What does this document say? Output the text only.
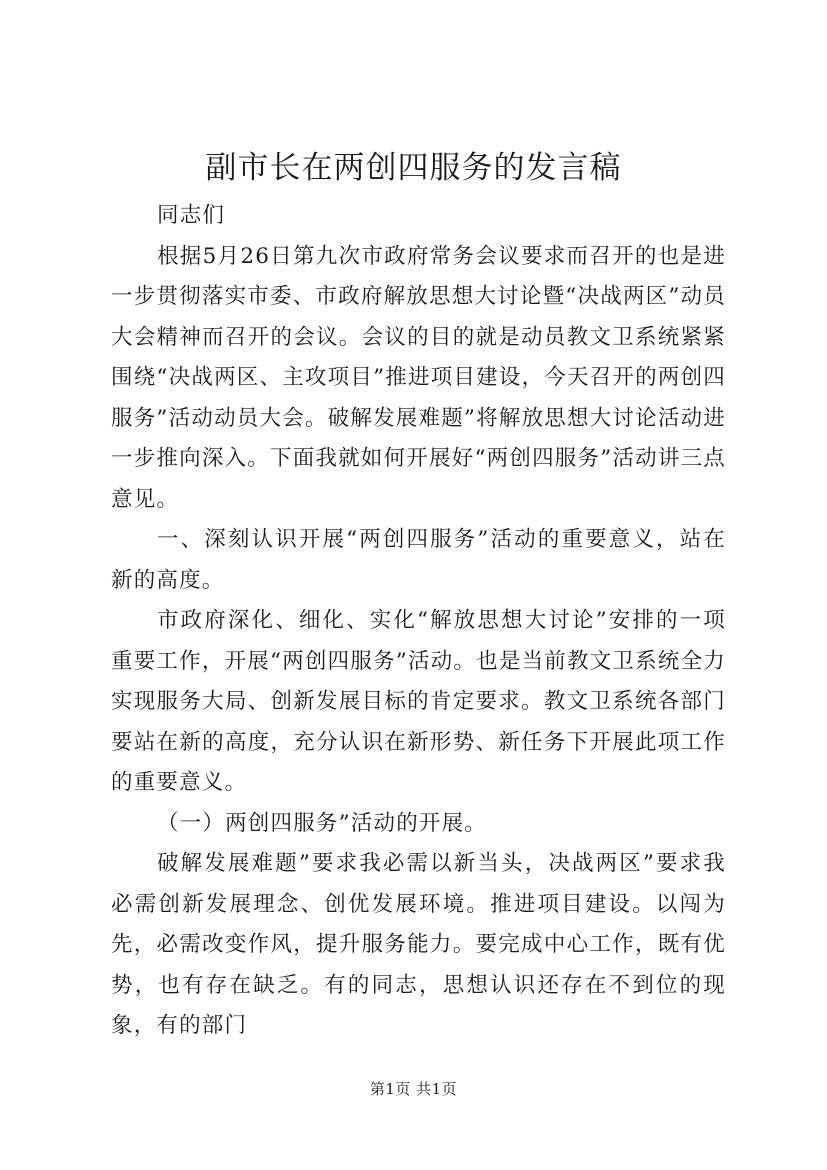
副市长在两创四服务的发言稿

同志们

根据5月26日第九次市政府常务会议要求而召开的也是进一步贯彻落实市委、市政府解放思想大讨论暨“决战两区”动员大会精神而召开的会议。会议的目的就是动员教文卫系统紧紧围绕“决战两区、主攻项目”推进项目建设，今天召开的两创四服务”活动动员大会。破解发展难题”将解放思想大讨论活动进一步推向深入。下面我就如何开展好“两创四服务”活动讲三点意见。

一、深刻认识开展“两创四服务”活动的重要意义，站在新的高度。

市政府深化、细化、实化“解放思想大讨论”安排的一项重要工作，开展“两创四服务”活动。也是当前教文卫系统全力实现服务大局、创新发展目标的肯定要求。教文卫系统各部门要站在新的高度，充分认识在新形势、新任务下开展此项工作的重要意义。

（一）两创四服务”活动的开展。

破解发展难题”要求我必需以新当头，决战两区”要求我必需创新发展理念、创优发展环境。推进项目建设。以闯为先，必需改变作风，提升服务能力。要完成中心工作，既有优势，也有存在缺乏。有的同志，思想认识还存在不到位的现象，有的部门

第1页 共1页
